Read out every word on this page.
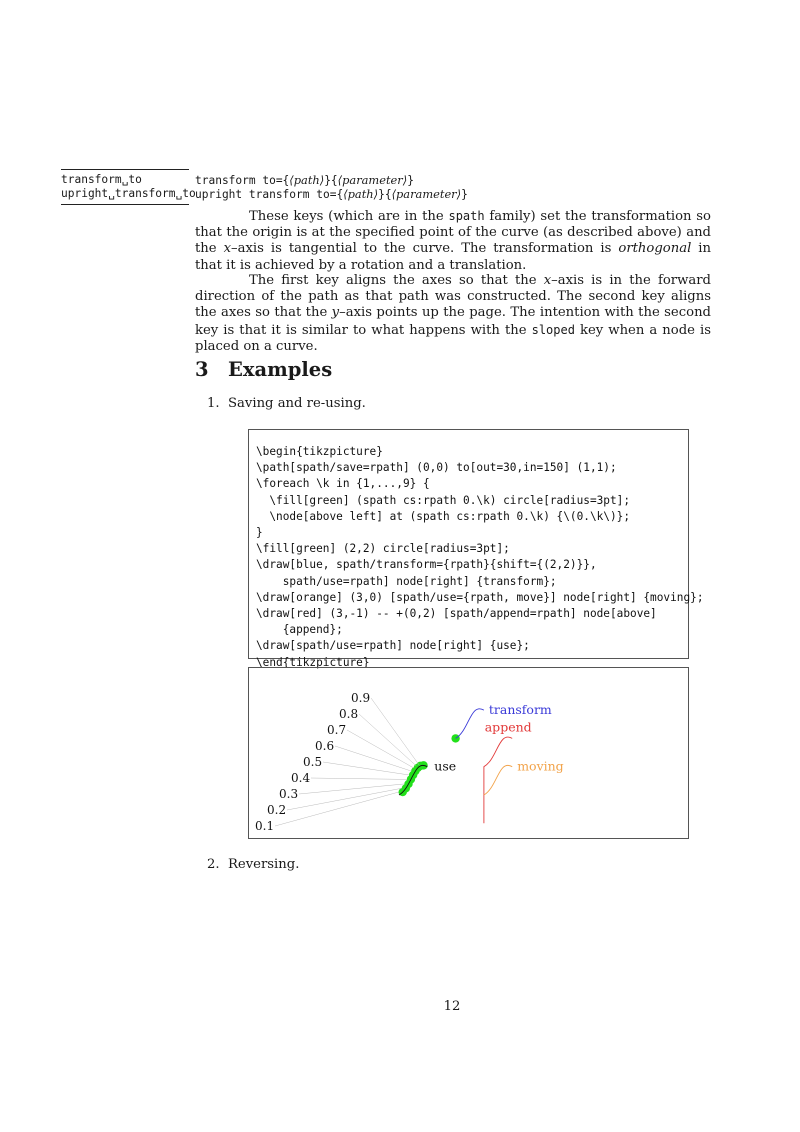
transform␣to
upright␣transform␣to
transform to={⟨path⟩}{⟨parameter⟩}
upright transform to={⟨path⟩}{⟨parameter⟩}

These keys (which are in the spath family) set the transformation so that the origin is at the specified point of the curve (as described above) and the x–axis is tangential to the curve. The transformation is orthogonal in that it is achieved by a rotation and a translation.

The first key aligns the axes so that the x–axis is in the forward direction of the path as that path was constructed. The second key aligns the axes so that the y–axis points up the page. The intention with the second key is that it is similar to what happens with the sloped key when a node is placed on a curve.

3 Examples
1. Saving and re-using.
\begin{tikzpicture}
\path[spath/save=rpath] (0,0) to[out=30,in=150] (1,1);
\foreach \k in {1,...,9} {
\fill[green] (spath cs:rpath 0.\k) circle[radius=3pt];
\node[above left] at (spath cs:rpath 0.\k) {\(0.\k\)};
}
\fill[green] (2,2) circle[radius=3pt];
\draw[blue, spath/transform={rpath}{shift={(2,2)}},
spath/use=rpath] node[right] {transform};
\draw[orange] (3,0) [spath/use={rpath, move}] node[right] {moving};
\draw[red] (3,-1) -- +(0,2) [spath/append=rpath] node[above]
{append};
\draw[spath/use=rpath] node[right] {use};
\end{tikzpicture}

0.1
0.2
0.3
0.4
0.5
0.6
0.7
0.8
0.9
use
transform
append
moving
2. Reversing.
12
